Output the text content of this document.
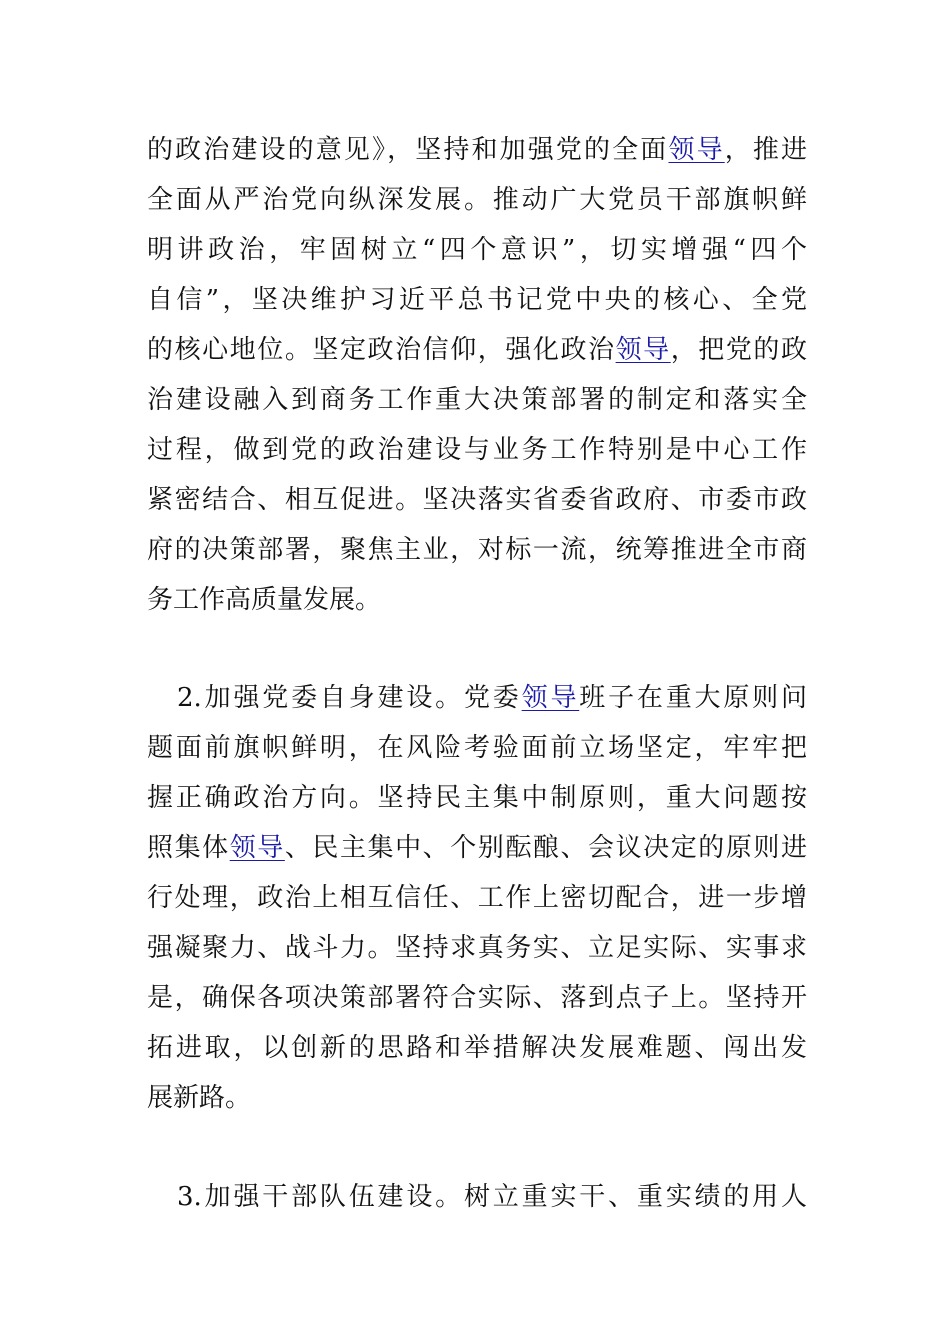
的政治建设的意见》，坚持和加强党的全面领导，推进
全面从严治党向纵深发展。推动广大党员干部旗帜鲜
明讲政治，牢固树立“四个意识”，切实增强“四个
自信”，坚决维护习近平总书记党中央的核心、全党
的核心地位。坚定政治信仰，强化政治领导，把党的政
治建设融入到商务工作重大决策部署的制定和落实全
过程，做到党的政治建设与业务工作特别是中心工作
紧密结合、相互促进。坚决落实省委省政府、市委市政
府的决策部署，聚焦主业，对标一流，统筹推进全市商
务工作高质量发展。
2.加强党委自身建设。党委领导班子在重大原则问
题面前旗帜鲜明，在风险考验面前立场坚定，牢牢把
握正确政治方向。坚持民主集中制原则，重大问题按
照集体领导、民主集中、个别酝酿、会议决定的原则进
行处理，政治上相互信任、工作上密切配合，进一步增
强凝聚力、战斗力。坚持求真务实、立足实际、实事求
是，确保各项决策部署符合实际、落到点子上。坚持开
拓进取，以创新的思路和举措解决发展难题、闯出发
展新路。
3.加强干部队伍建设。树立重实干、重实绩的用人
